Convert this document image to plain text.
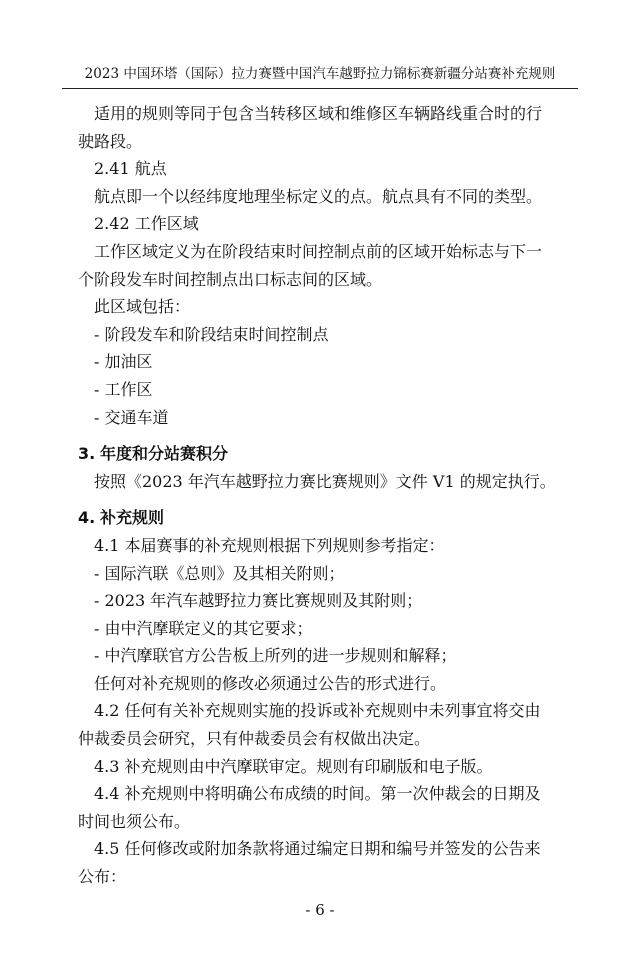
2023 中国环塔（国际）拉力赛暨中国汽车越野拉力锦标赛新疆分站赛补充规则
适用的规则等同于包含当转移区域和维修区车辆路线重合时的行
驶路段。
2.41 航点
航点即一个以经纬度地理坐标定义的点。航点具有不同的类型。
2.42 工作区域
工作区域定义为在阶段结束时间控制点前的区域开始标志与下一
个阶段发车时间控制点出口标志间的区域。
此区域包括：
- 阶段发车和阶段结束时间控制点
- 加油区
- 工作区
- 交通车道
3. 年度和分站赛积分
按照《2023 年汽车越野拉力赛比赛规则》文件 V1 的规定执行。
4. 补充规则
4.1 本届赛事的补充规则根据下列规则参考指定：
- 国际汽联《总则》及其相关附则；
- 2023 年汽车越野拉力赛比赛规则及其附则；
- 由中汽摩联定义的其它要求；
- 中汽摩联官方公告板上所列的进一步规则和解释；
任何对补充规则的修改必须通过公告的形式进行。
4.2 任何有关补充规则实施的投诉或补充规则中未列事宜将交由
仲裁委员会研究，只有仲裁委员会有权做出决定。
4.3 补充规则由中汽摩联审定。规则有印刷版和电子版。
4.4 补充规则中将明确公布成绩的时间。第一次仲裁会的日期及
时间也须公布。
4.5 任何修改或附加条款将通过编定日期和编号并签发的公告来
公布：
- 6 -
